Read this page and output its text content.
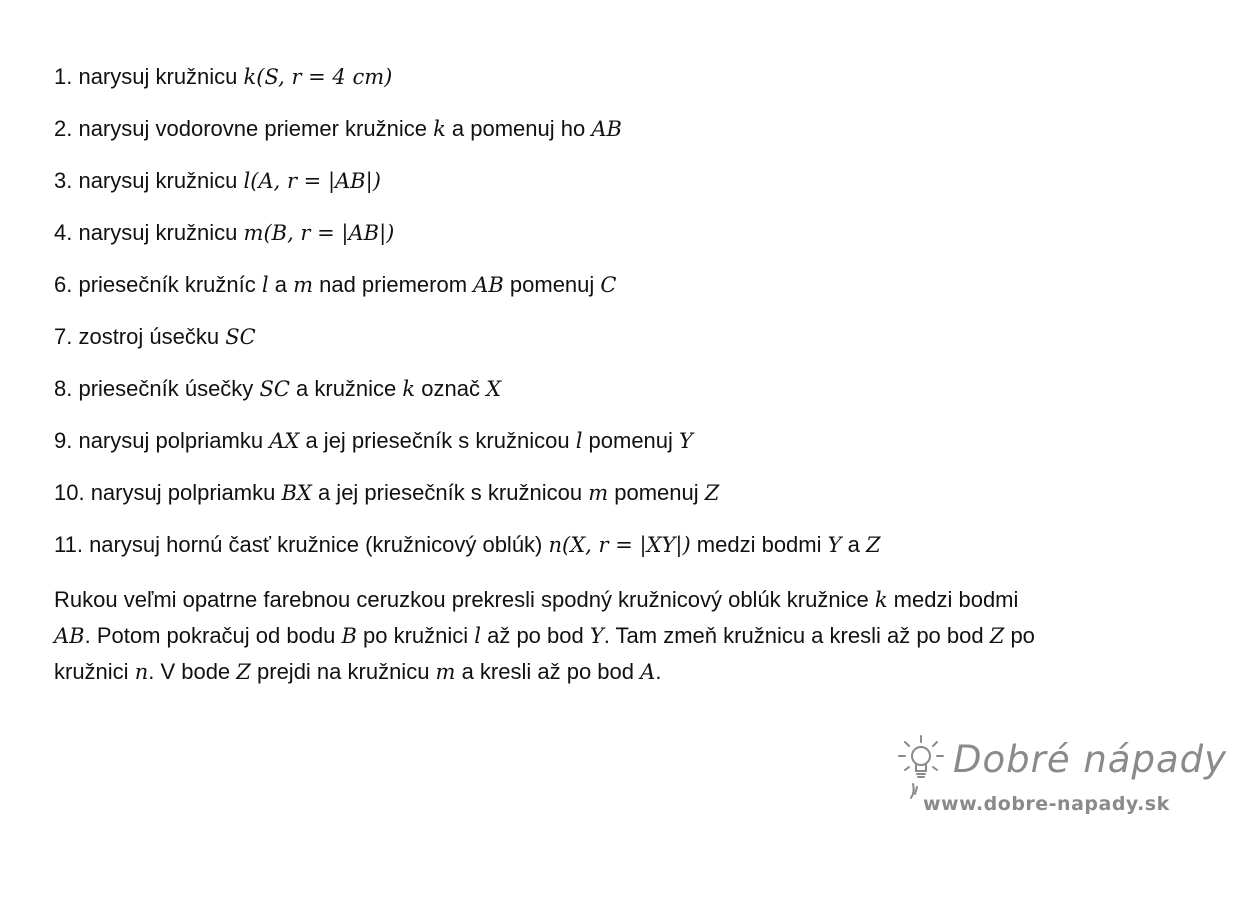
1. narysuj kružnicu k(S, r = 4 cm)
2. narysuj vodorovne priemer kružnice k a pomenuj ho AB
3. narysuj kružnicu l(A, r = |AB|)
4. narysuj kružnicu m(B, r = |AB|)
6. priesečník kružníc l a m nad priemerom AB pomenuj C
7. zostroj úsečku SC
8. priesečník úsečky SC a kružnice k označ X
9. narysuj polpriamku AX a jej priesečník s kružnicou l pomenuj Y
10. narysuj polpriamku BX a jej priesečník s kružnicou m pomenuj Z
11. narysuj hornú časť kružnice (kružnicový oblúk) n(X, r = |XY|) medzi bodmi Y a Z
Rukou veľmi opatrne farebnou ceruzkou prekresli spodný kružnicový oblúk kružnice k medzi bodmi
AB. Potom pokračuj od bodu B po kružnici l až po bod Y. Tam zmeň kružnicu a kresli až po bod Z po
kružnici n. V bode Z prejdi na kružnicu m a kresli až po bod A.
Dobré nápady
www.dobre-napady.sk
